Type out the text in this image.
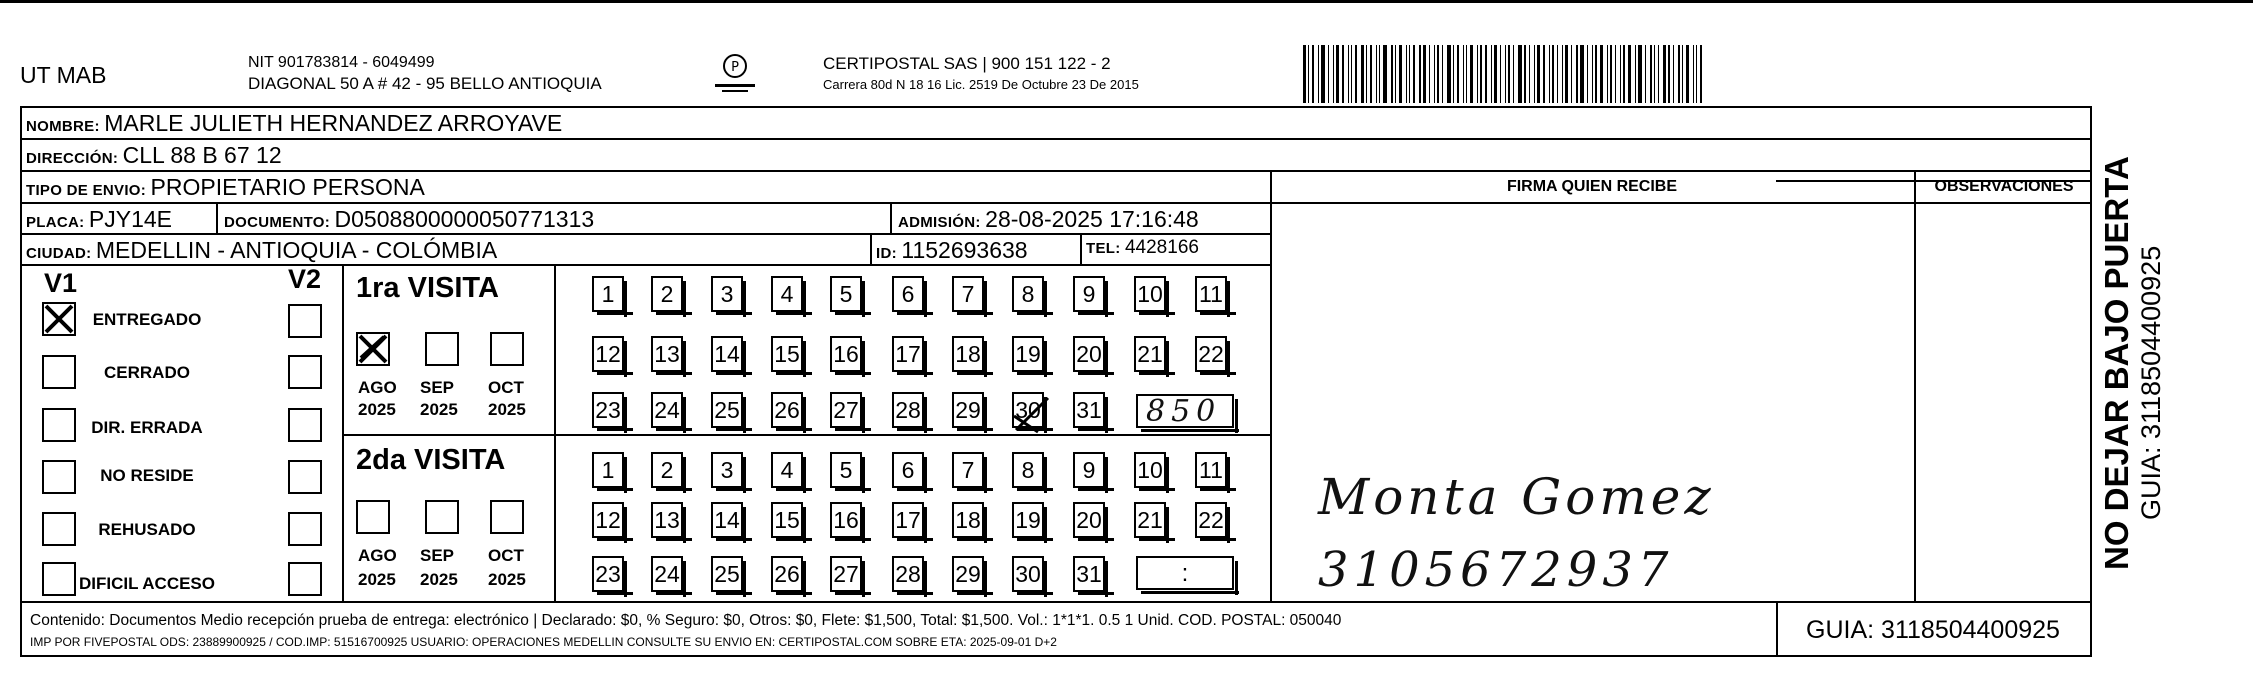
UT MAB	NIT 901783814 - 6049499
DIAGONAL 50 A # 42 - 95 BELLO ANTIOQUIA
P	CERTIPOSTAL SAS | 900 151 122 - 2
Carrera 80d N 18 16 Lic. 2519 De Octubre 23 De 2015
NOMBRE: MARLE JULIETH HERNANDEZ ARROYAVE
DIRECCIÓN: CLL 88 B 67 12
TIPO DE ENVIO: PROPIETARIO PERSONA	FIRMA QUIEN RECIBE	OBSERVACIONES
PLACA: PJY14E	DOCUMENTO: D0508800000050771313	ADMISIÓN: 28-08-2025 17:16:48
CIUDAD: MEDELLIN - ANTIOQUIA - COLÓMBIA	ID: 1152693638	TEL: 4428166
V1	V2
ENTREGADO
CERRADO
DIR. ERRADA
NO RESIDE
REHUSADO
DIFICIL ACCESO
1ra VISITA
AGO SEP OCT
2025 2025 2025
1	2	3	4	5	6	7	8	9	10 11
12 13 14 15 16 17 18 19 20 21 22
23 24 25 26 27 28 29 30 31 850
2da VISITA
AGO SEP OCT
2025 2025 2025
1	2	3	4	5	6	7	8	9	10 11
12 13 14 15 16 17 18 19 20 21 22
23 24 25 26 27 28 29 30 31	:
Monta Gomez
3105672937
Contenido: Documentos Medio recepción prueba de entrega: electrónico | Declarado: $0, % Seguro: $0, Otros: $0, Flete: $1,500, Total: $1,500. Vol.: 1*1*1. 0.5 1 Unid. COD. POSTAL: 050040
IMP POR FIVEPOSTAL ODS: 23889900925 / COD.IMP: 51516700925 USUARIO: OPERACIONES MEDELLIN CONSULTE SU ENVIO EN: CERTIPOSTAL.COM SOBRE ETA: 2025-09-01 D+2	GUIA: 3118504400925
NO DEJAR BAJO PUERTA GUIA: 3118504400925
